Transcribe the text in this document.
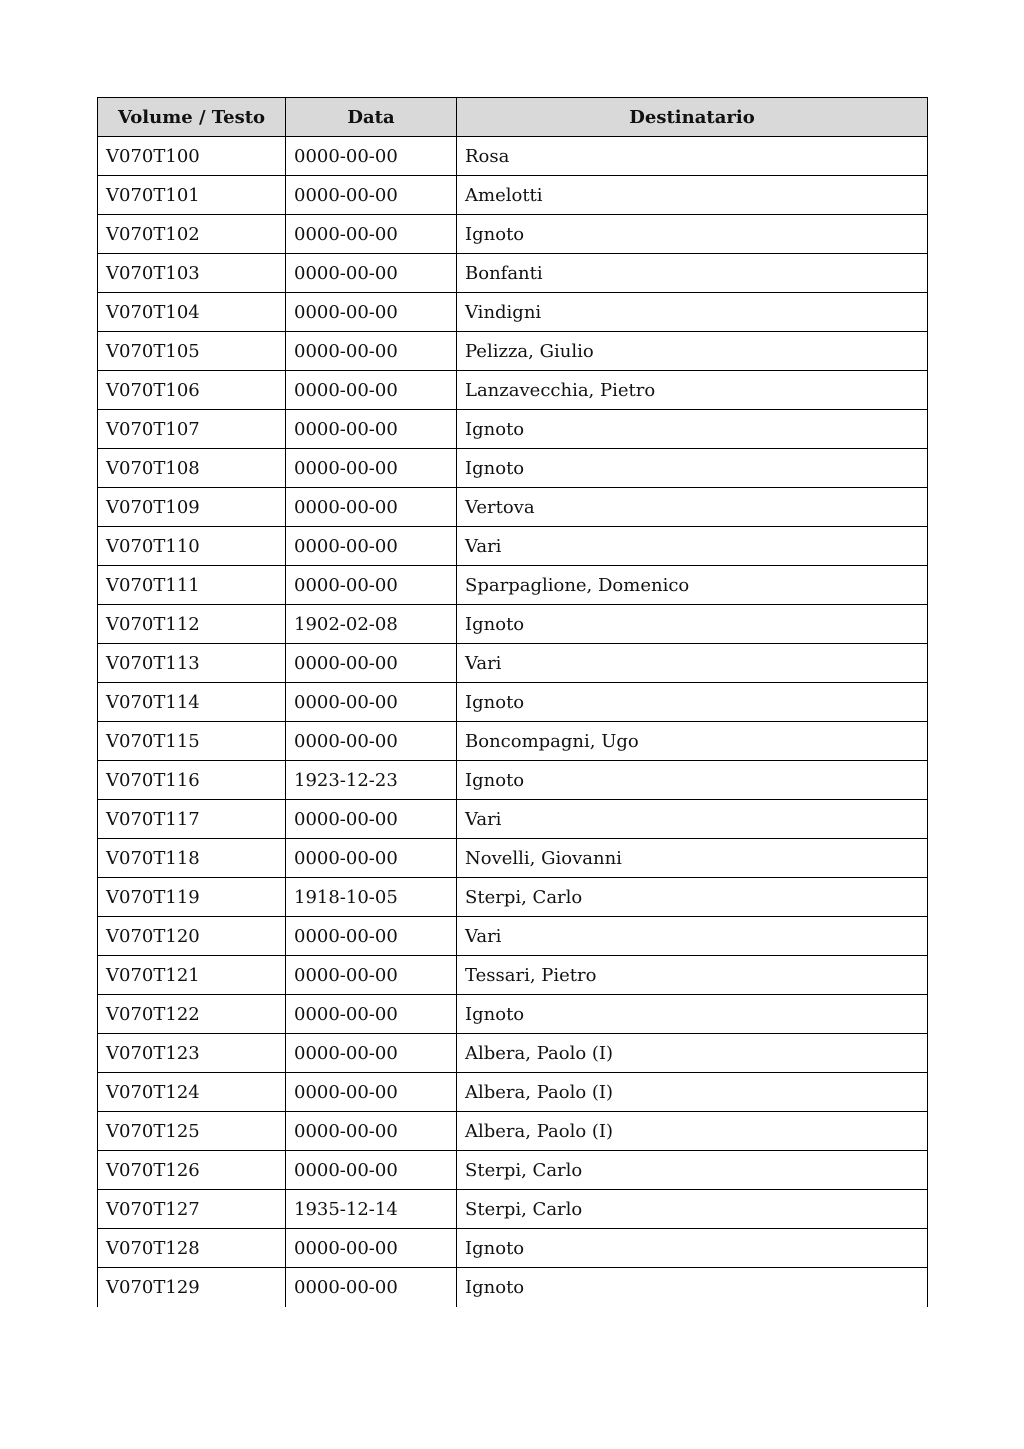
Volume / Testo	Data	Destinatario
V070T100	0000-00-00	Rosa
V070T101	0000-00-00	Amelotti
V070T102	0000-00-00	Ignoto
V070T103	0000-00-00	Bonfanti
V070T104	0000-00-00	Vindigni
V070T105	0000-00-00	Pelizza, Giulio
V070T106	0000-00-00	Lanzavecchia, Pietro
V070T107	0000-00-00	Ignoto
V070T108	0000-00-00	Ignoto
V070T109	0000-00-00	Vertova
V070T110	0000-00-00	Vari
V070T111	0000-00-00	Sparpaglione, Domenico
V070T112	1902-02-08	Ignoto
V070T113	0000-00-00	Vari
V070T114	0000-00-00	Ignoto
V070T115	0000-00-00	Boncompagni, Ugo
V070T116	1923-12-23	Ignoto
V070T117	0000-00-00	Vari
V070T118	0000-00-00	Novelli, Giovanni
V070T119	1918-10-05	Sterpi, Carlo
V070T120	0000-00-00	Vari
V070T121	0000-00-00	Tessari, Pietro
V070T122	0000-00-00	Ignoto
V070T123	0000-00-00	Albera, Paolo (I)
V070T124	0000-00-00	Albera, Paolo (I)
V070T125	0000-00-00	Albera, Paolo (I)
V070T126	0000-00-00	Sterpi, Carlo
V070T127	1935-12-14	Sterpi, Carlo
V070T128	0000-00-00	Ignoto
V070T129	0000-00-00	Ignoto
